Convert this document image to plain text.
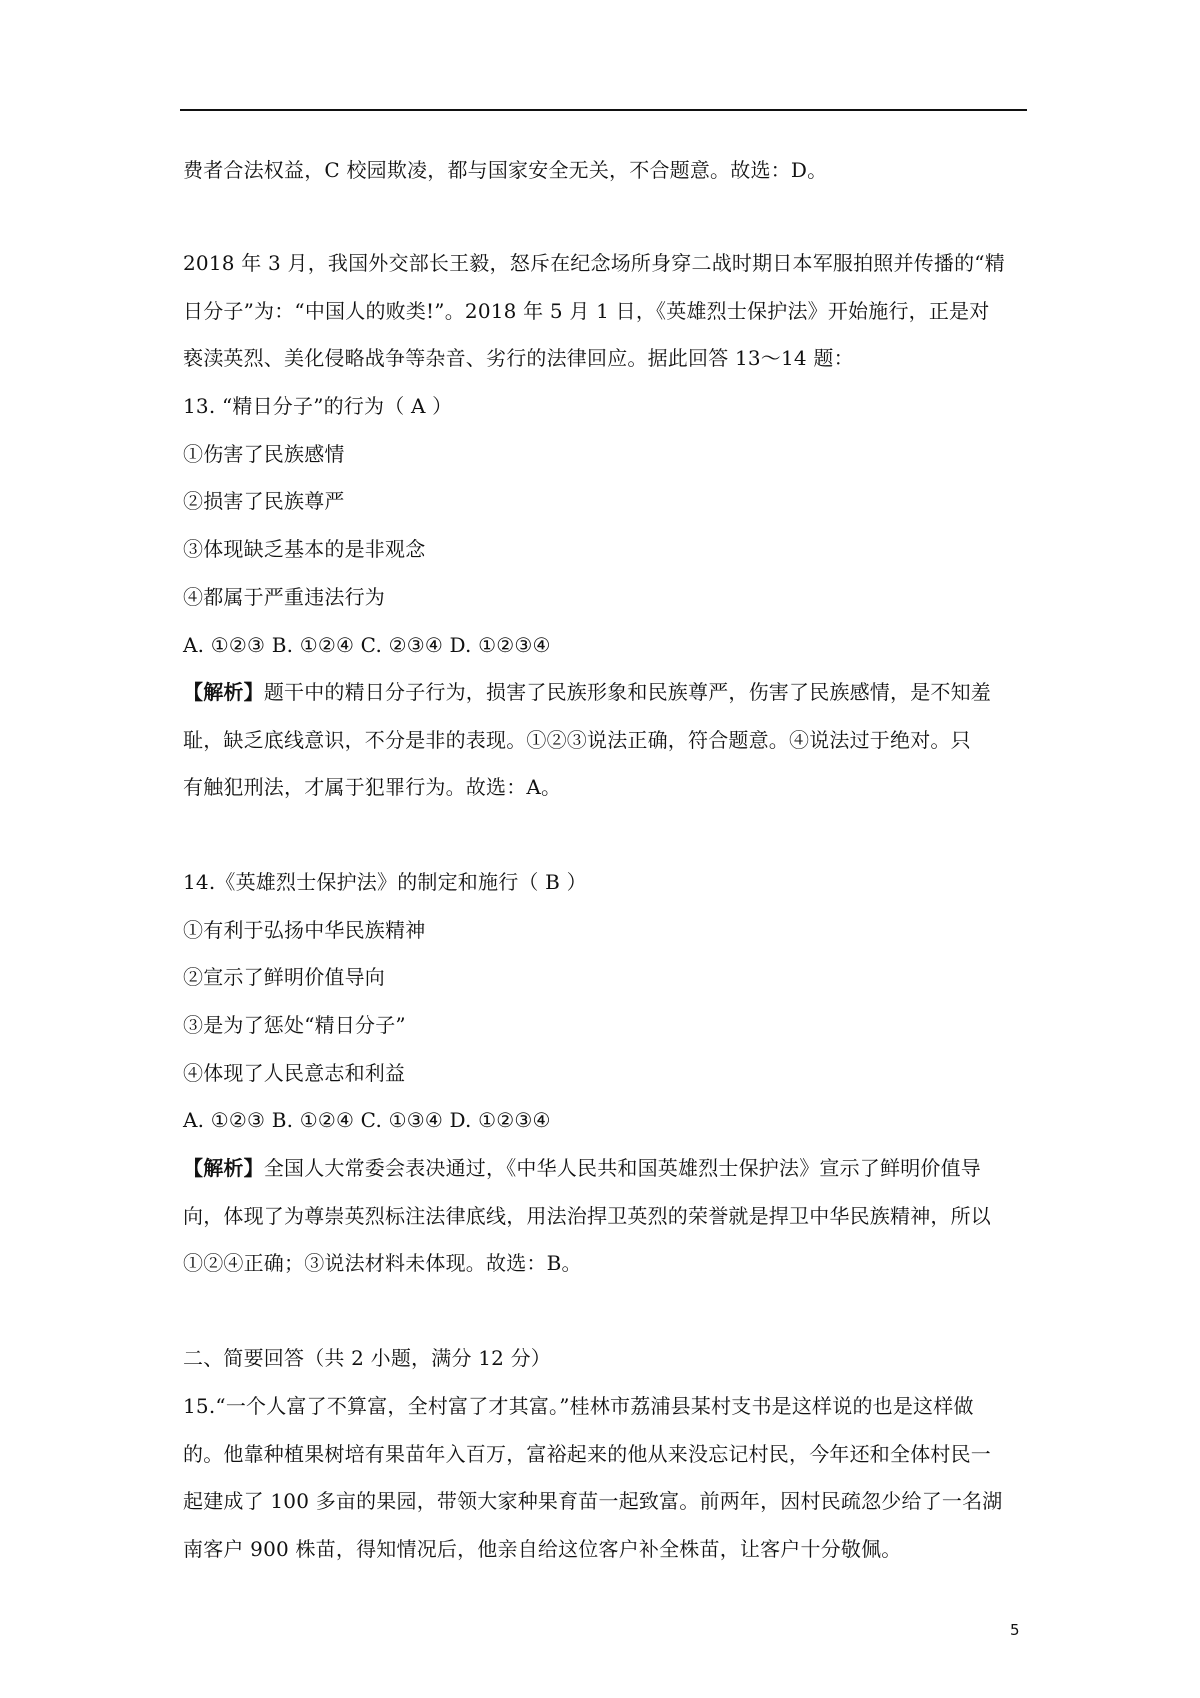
费者合法权益，C 校园欺凌，都与国家安全无关，不合题意。故选：D。
2018 年 3 月，我国外交部长王毅，怒斥在纪念场所身穿二战时期日本军服拍照并传播的“精
日分子”为：“中国人的败类!”。2018 年 5 月 1 日，《英雄烈士保护法》开始施行，正是对
亵渎英烈、美化侵略战争等杂音、劣行的法律回应。据此回答 13～14 题：
13. “精日分子”的行为（ A ）
①伤害了民族感情
②损害了民族尊严
③体现缺乏基本的是非观念
④都属于严重违法行为
A. ①②③ B. ①②④ C. ②③④ D. ①②③④
【解析】题干中的精日分子行为，损害了民族形象和民族尊严，伤害了民族感情，是不知羞
耻，缺乏底线意识，不分是非的表现。①②③说法正确，符合题意。④说法过于绝对。只
有触犯刑法，才属于犯罪行为。故选：A。
14.《英雄烈士保护法》的制定和施行（ B ）
①有利于弘扬中华民族精神
②宣示了鲜明价值导向
③是为了惩处“精日分子”
④体现了人民意志和利益
A. ①②③ B. ①②④ C. ①③④ D. ①②③④
【解析】全国人大常委会表决通过，《中华人民共和国英雄烈士保护法》宣示了鲜明价值导
向，体现了为尊崇英烈标注法律底线，用法治捍卫英烈的荣誉就是捍卫中华民族精神，所以
①②④正确；③说法材料未体现。故选：B。
二、简要回答（共 2 小题，满分 12 分）
15.“一个人富了不算富，全村富了才其富。”桂林市荔浦县某村支书是这样说的也是这样做
的。他靠种植果树培有果苗年入百万，富裕起来的他从来没忘记村民，今年还和全体村民一
起建成了 100 多亩的果园，带领大家种果育苗一起致富。前两年，因村民疏忽少给了一名湖
南客户 900 株苗，得知情况后，他亲自给这位客户补全株苗，让客户十分敬佩。
5
